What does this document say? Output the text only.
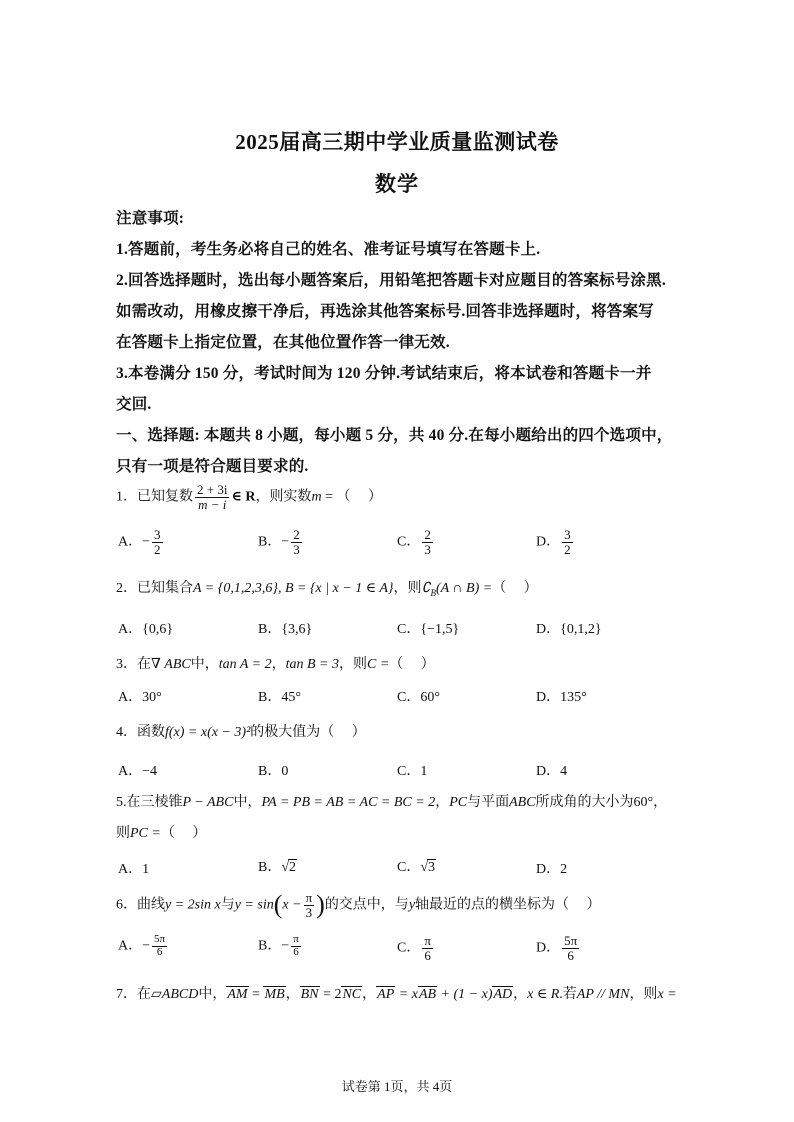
2025届高三期中学业质量监测试卷
数学
注意事项:
1.答题前，考生务必将自己的姓名、准考证号填写在答题卡上.
2.回答选择题时，选出每小题答案后，用铅笔把答题卡对应题目的答案标号涂黑.
如需改动，用橡皮擦干净后，再选涂其他答案标号.回答非选择题时，将答案写
在答题卡上指定位置，在其他位置作答一律无效.
3.本卷满分 150 分，考试时间为 120 分钟.考试结束后，将本试卷和答题卡一并
交回.
一、选择题: 本题共 8 小题，每小题 5 分，共 40 分.在每小题给出的四个选项中，
只有一项是符合题目要求的.
1．已知复数 $\frac{2 + 3i}{m - i}$ ∈ R，则实数m = （　 ）
A．− $\frac{3}{2}$	B．− $\frac{2}{3}$	C． $\frac{2}{3}$	D． $\frac{3}{2}$
2．已知集合A = {0,1,2,3,6}, B = {x | x − 1 ∈ A}，则$∁_B(A$ ∩ B) =（　 ）
A．{0,6}	B．{3,6}	C．{−1,5}	D．{0,1,2}
3．在∇ ABC中，tan A = 2，tan B = 3，则C =（　 ）
A．30°	B．45°	C．60°	D．135°
4．函数f(x) = x(x − 3)²的极大值为（　 ）
A．−4	B．0	C．1	D．4
5.在三棱锥P − ABC中，PA = PB = AB = AC = BC = 2，PC与平面ABC所成角的大小为60°，
则PC =（　 ）
A．1	B．√2	C．√3	D．2
6．曲线y = 2sin x与$y = \sin(x - \frac{\pi}{3}$ )的交点中，与y轴最近的点的横坐标为（　 ）
A．− $\frac{5\pi}{6}$	B．− $\frac{\pi}{6}$	C． $\frac{\pi}{6}$	D． $\frac{5\pi}{6}$
7．在▱ABCD中，AM = MB，BN = 2NC，AP = xAB + (1 − x)AD，x ∈ R.若AP // MN，则x =
试卷第 1页，共 4页
